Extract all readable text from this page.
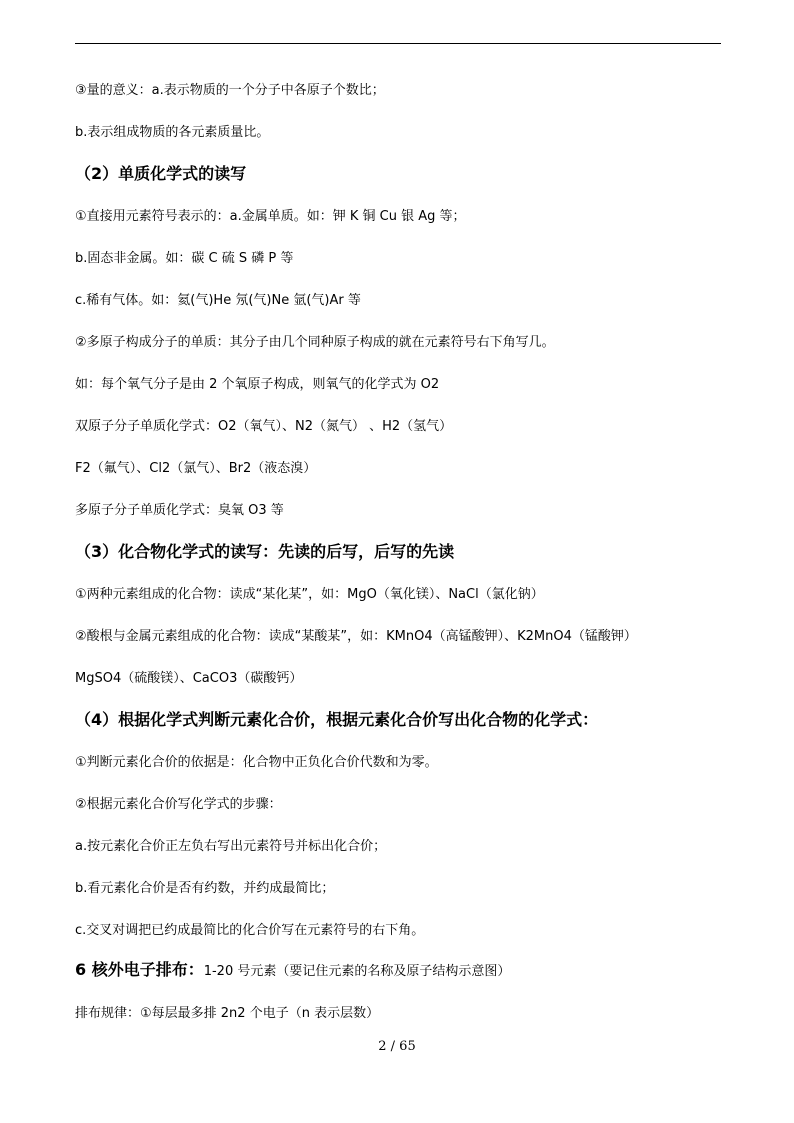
③量的意义：a.表示物质的一个分子中各原子个数比；
b.表示组成物质的各元素质量比。
（2）单质化学式的读写
①直接用元素符号表示的：a.金属单质。如：钾 K 铜 Cu 银 Ag 等；
b.固态非金属。如：碳 C 硫 S 磷 P 等
c.稀有气体。如：氦(气)He 氖(气)Ne 氩(气)Ar 等
②多原子构成分子的单质：其分子由几个同种原子构成的就在元素符号右下角写几。
如：每个氧气分子是由 2 个氧原子构成，则氧气的化学式为 O2
双原子分子单质化学式：O2（氧气）、N2（氮气） 、H2（氢气）
F2（氟气）、Cl2（氯气）、Br2（液态溴）
多原子分子单质化学式：臭氧 O3 等
（3）化合物化学式的读写：先读的后写，后写的先读
①两种元素组成的化合物：读成“某化某”，如：MgO（氧化镁）、NaCl（氯化钠）
②酸根与金属元素组成的化合物：读成“某酸某”，如：KMnO4（高锰酸钾）、K2MnO4（锰酸钾）
MgSO4（硫酸镁）、CaCO3（碳酸钙）
（4）根据化学式判断元素化合价，根据元素化合价写出化合物的化学式：
①判断元素化合价的依据是：化合物中正负化合价代数和为零。
②根据元素化合价写化学式的步骤：
a.按元素化合价正左负右写出元素符号并标出化合价；
b.看元素化合价是否有约数，并约成最简比；
c.交叉对调把已约成最简比的化合价写在元素符号的右下角。
6 核外电子排布：1-20 号元素（要记住元素的名称及原子结构示意图）
排布规律：①每层最多排 2n2 个电子（n 表示层数）
2 / 65
